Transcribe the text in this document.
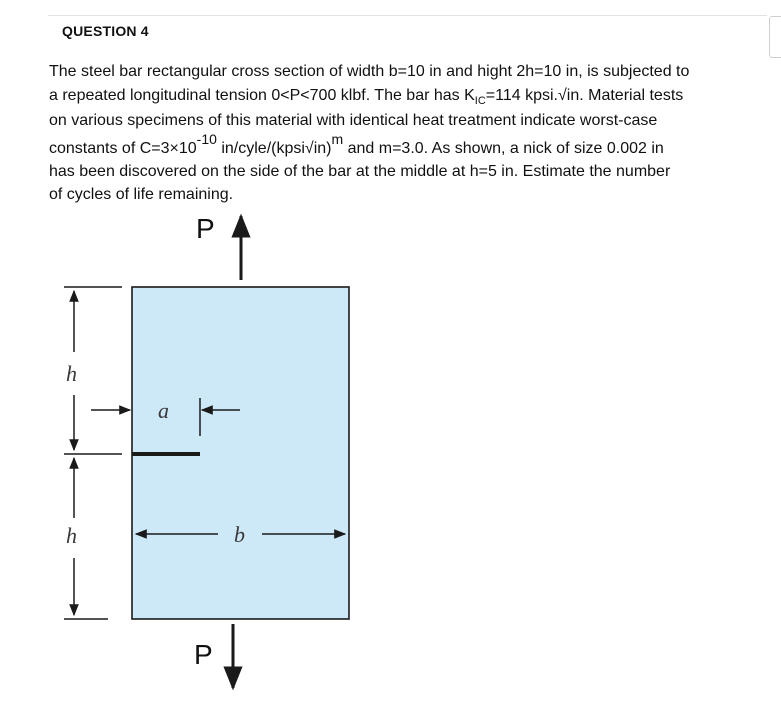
QUESTION 4
The steel bar rectangular cross section of width b=10 in and hight 2h=10 in, is subjected to
a repeated longitudinal tension 0<P<700 klbf. The bar has $K_{IC}=114$ kpsi.√in. Material tests
on various specimens of this material with identical heat treatment indicate worst-case
constants of $C=3\times 10^{-10}$ in/cyle/(kpsi√in)$^m$ and m=3.0. As shown, a nick of size 0.002 in
has been discovered on the side of the bar at the middle at h=5 in. Estimate the number
of cycles of life remaining.
P
h
h
a
b
P
